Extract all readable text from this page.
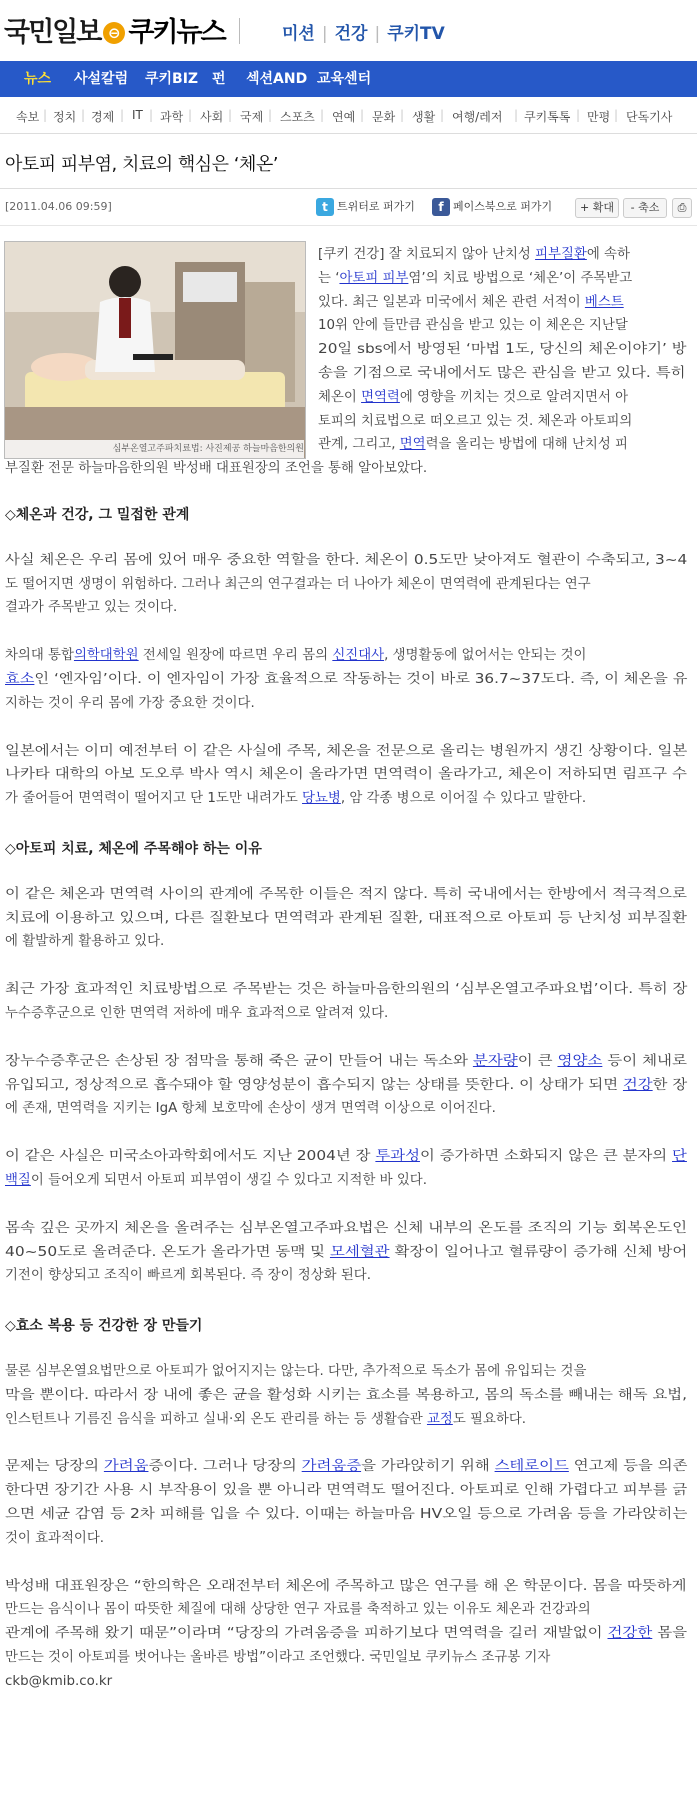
국민일보 ⊖ 쿠키뉴스	미션 | 건강 | 쿠키TV
뉴스 사설칼럼 쿠키BIZ 펀 섹션AND 교육센터
속보 | 정치 | 경제 | IT | 과학 | 사회 | 국제 | 스포츠 | 연예 | 문화 | 생활 | 여행/레저 | 쿠키톡톡 | 만평 | 단독기사
아토피 피부염, 치료의 핵심은 ‘체온’
[2011.04.06 09:59]	t 트위터로 퍼가기	f 페이스북으로 퍼가기	+ 확대	- 축소	⎙
심부온열고주파치료법: 사진제공 하늘마음한의원
[쿠키 건강] 잘 치료되지 않아 난치성 피부질환에 속하
는 ‘아토피 피부염’의 치료 방법으로 ‘체온’이 주목받고
있다. 최근 일본과 미국에서 체온 관련 서적이 베스트
10위 안에 들만큼 관심을 받고 있는 이 체온은 지난달
20일 sbs에서 방영된 ‘마법 1도, 당신의 체온이야기’ 방
송을 기점으로 국내에서도 많은 관심을 받고 있다. 특히
체온이 면역력에 영향을 끼치는 것으로 알려지면서 아
토피의 치료법으로 떠오르고 있는 것. 체온과 아토피의
관계, 그리고, 면역력을 올리는 방법에 대해 난치성 피
부질환 전문 하늘마음한의원 박성배 대표원장의 조언을 통해 알아보았다.
◇체온과 건강, 그 밀접한 관계
사실 체온은 우리 몸에 있어 매우 중요한 역할을 한다. 체온이 0.5도만 낮아져도 혈관이 수축되고, 3~4
도 떨어지면 생명이 위험하다. 그러나 최근의 연구결과는 더 나아가 체온이 면역력에 관계된다는 연구
결과가 주목받고 있는 것이다.
차의대 통합의학대학원 전세일 원장에 따르면 우리 몸의 신진대사, 생명활동에 없어서는 안되는 것이
효소인 ‘엔자임’이다. 이 엔자임이 가장 효율적으로 작동하는 것이 바로 36.7~37도다. 즉, 이 체온을 유
지하는 것이 우리 몸에 가장 중요한 것이다.
일본에서는 이미 예전부터 이 같은 사실에 주목, 체온을 전문으로 올리는 병원까지 생긴 상황이다. 일본
나카타 대학의 아보 도오루 박사 역시 체온이 올라가면 면역력이 올라가고, 체온이 저하되면 림프구 수
가 줄어들어 면역력이 떨어지고 단 1도만 내려가도 당뇨병, 암 각종 병으로 이어질 수 있다고 말한다.
◇아토피 치료, 체온에 주목해야 하는 이유
이 같은 체온과 면역력 사이의 관계에 주목한 이들은 적지 않다. 특히 국내에서는 한방에서 적극적으로
치료에 이용하고 있으며, 다른 질환보다 면역력과 관계된 질환, 대표적으로 아토피 등 난치성 피부질환
에 활발하게 활용하고 있다.
최근 가장 효과적인 치료방법으로 주목받는 것은 하늘마음한의원의 ‘심부온열고주파요법’이다. 특히 장
누수증후군으로 인한 면역력 저하에 매우 효과적으로 알려져 있다.
장누수증후군은 손상된 장 점막을 통해 죽은 균이 만들어 내는 독소와 분자량이 큰 영양소 등이 체내로
유입되고, 정상적으로 흡수돼야 할 영양성분이 흡수되지 않는 상태를 뜻한다. 이 상태가 되면 건강한 장
에 존재, 면역력을 지키는 IgA 항체 보호막에 손상이 생겨 면역력 이상으로 이어진다.
이 같은 사실은 미국소아과학회에서도 지난 2004년 장 투과성이 증가하면 소화되지 않은 큰 분자의 단
백질이 들어오게 되면서 아토피 피부염이 생길 수 있다고 지적한 바 있다.
몸속 깊은 곳까지 체온을 올려주는 심부온열고주파요법은 신체 내부의 온도를 조직의 기능 회복온도인
40~50도로 올려준다. 온도가 올라가면 동맥 및 모세혈관 확장이 일어나고 혈류량이 증가해 신체 방어
기전이 향상되고 조직이 빠르게 회복된다. 즉 장이 정상화 된다.
◇효소 복용 등 건강한 장 만들기
물론 심부온열요법만으로 아토피가 없어지지는 않는다. 다만, 추가적으로 독소가 몸에 유입되는 것을
막을 뿐이다. 따라서 장 내에 좋은 균을 활성화 시키는 효소를 복용하고, 몸의 독소를 빼내는 해독 요법,
인스턴트나 기름진 음식을 피하고 실내·외 온도 관리를 하는 등 생활습관 교정도 필요하다.
문제는 당장의 가려움증이다. 그러나 당장의 가려움증을 가라앉히기 위해 스테로이드 연고제 등을 의존
한다면 장기간 사용 시 부작용이 있을 뿐 아니라 면역력도 떨어진다. 아토피로 인해 가렵다고 피부를 긁
으면 세균 감염 등 2차 피해를 입을 수 있다. 이때는 하늘마음 HV오일 등으로 가려움 등을 가라앉히는
것이 효과적이다.
박성배 대표원장은 “한의학은 오래전부터 체온에 주목하고 많은 연구를 해 온 학문이다. 몸을 따뜻하게
만드는 음식이나 몸이 따뜻한 체질에 대해 상당한 연구 자료를 축적하고 있는 이유도 체온과 건강과의
관계에 주목해 왔기 때문”이라며 “당장의 가려움증을 피하기보다 면역력을 길러 재발없이 건강한 몸을
만드는 것이 아토피를 벗어나는 올바른 방법”이라고 조언했다. 국민일보 쿠키뉴스 조규봉 기자
ckb@kmib.co.kr
